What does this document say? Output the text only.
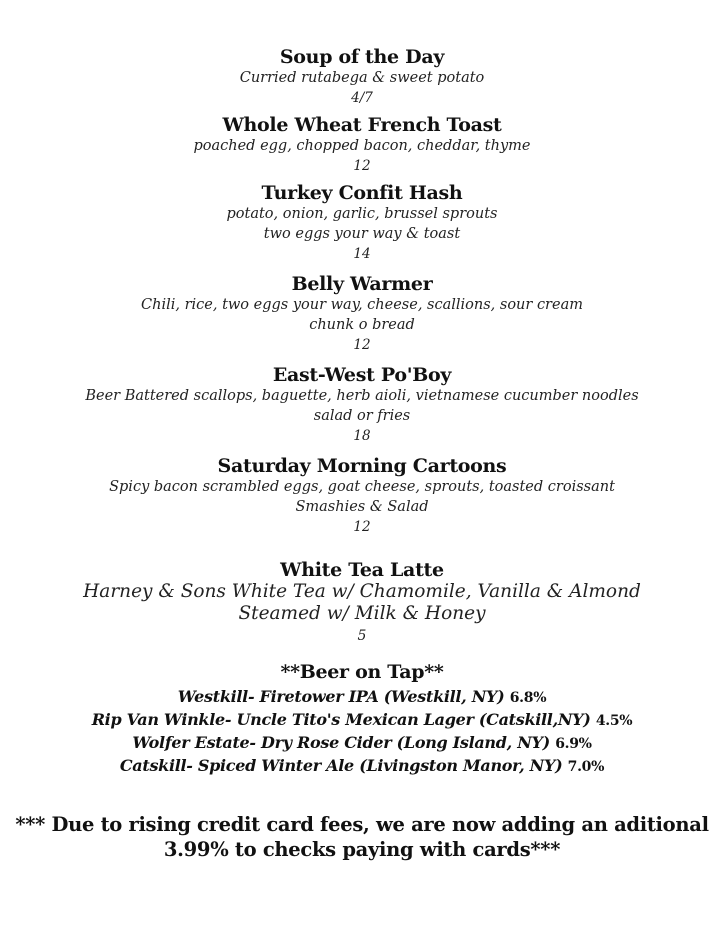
Soup of the Day
Curried rutabega & sweet potato
4/7
Whole Wheat French Toast
poached egg, chopped bacon, cheddar, thyme
12
Turkey Confit Hash
potato, onion, garlic, brussel sprouts
two eggs your way & toast
14
Belly Warmer
Chili, rice, two eggs your way, cheese, scallions, sour cream
chunk o bread
12
East-West Po'Boy
Beer Battered scallops, baguette, herb aioli, vietnamese cucumber noodles
salad or fries
18
Saturday Morning Cartoons
Spicy bacon scrambled eggs, goat cheese, sprouts, toasted croissant
Smashies & Salad
12
White Tea Latte
Harney & Sons White Tea w/ Chamomile, Vanilla & Almond
Steamed w/ Milk & Honey
5
**Beer on Tap**
Westkill- Firetower IPA (Westkill, NY) 6.8%
Rip Van Winkle- Uncle Tito's Mexican Lager (Catskill,NY) 4.5%
Wolfer Estate- Dry Rose Cider (Long Island, NY) 6.9%
Catskill- Spiced Winter Ale (Livingston Manor, NY) 7.0%
*** Due to rising credit card fees, we are now adding an aditional
3.99% to checks paying with cards***
